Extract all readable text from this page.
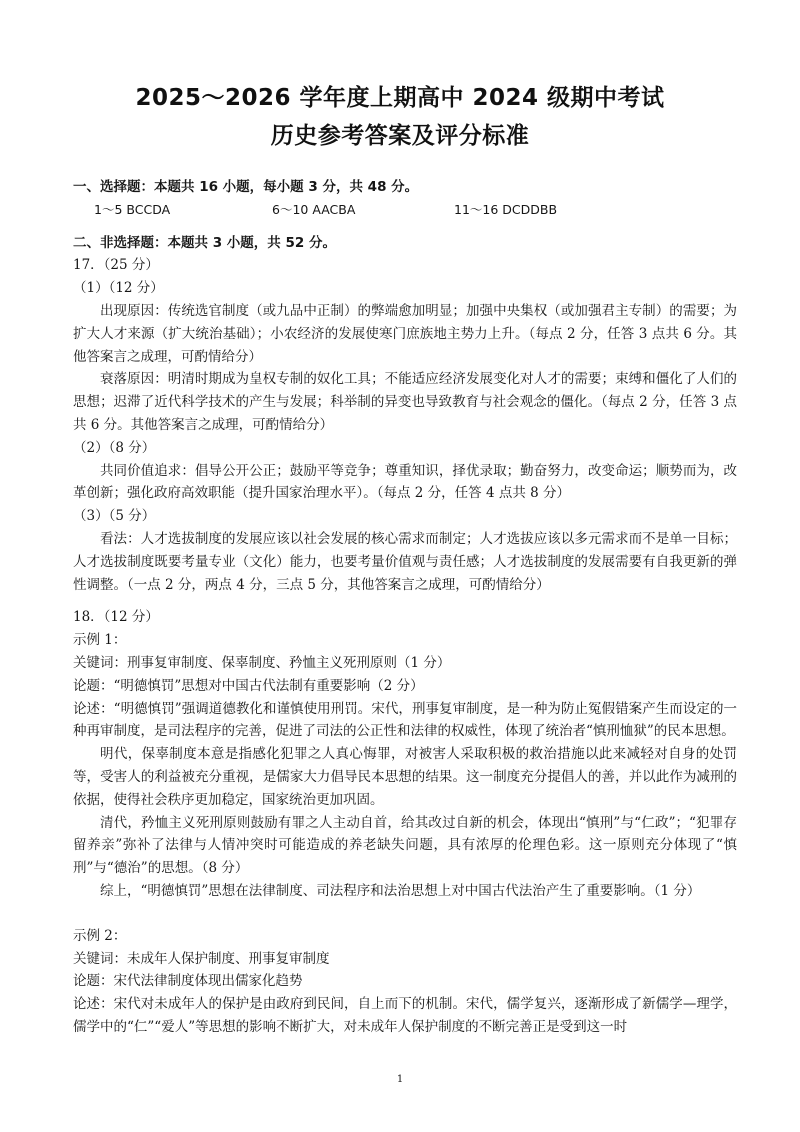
2025～2026 学年度上期高中 2024 级期中考试
历史参考答案及评分标准

一、选择题：本题共 16 小题，每小题 3 分，共 48 分。

1～5 BCCDA	6～10 AACBA	11～16 DCDDBB

二、非选择题：本题共 3 小题，共 52 分。

17．（25 分）

（1）（12 分）

出现原因：传统选官制度（或九品中正制）的弊端愈加明显；加强中央集权（或加强君主专制）的需要；为扩大人才来源（扩大统治基础）；小农经济的发展使寒门庶族地主势力上升。（每点 2 分，任答 3 点共 6 分。其他答案言之成理，可酌情给分）

衰落原因：明清时期成为皇权专制的奴化工具；不能适应经济发展变化对人才的需要；束缚和僵化了人们的思想；迟滞了近代科学技术的产生与发展；科举制的异变也导致教育与社会观念的僵化。（每点 2 分，任答 3 点共 6 分。其他答案言之成理，可酌情给分）

（2）（8 分）

共同价值追求：倡导公开公正；鼓励平等竞争；尊重知识，择优录取；勤奋努力，改变命运；顺势而为，改革创新；强化政府高效职能（提升国家治理水平）。（每点 2 分，任答 4 点共 8 分）

（3）（5 分）

看法：人才选拔制度的发展应该以社会发展的核心需求而制定；人才选拔应该以多元需求而不是单一目标；人才选拔制度既要考量专业（文化）能力，也要考量价值观与责任感；人才选拔制度的发展需要有自我更新的弹性调整。（一点 2 分，两点 4 分，三点 5 分，其他答案言之成理，可酌情给分）

18．（12 分）

示例 1：

关键词：刑事复审制度、保辜制度、矜恤主义死刑原则（1 分）

论题：“明德慎罚”思想对中国古代法制有重要影响（2 分）

论述：“明德慎罚”强调道德教化和谨慎使用刑罚。宋代，刑事复审制度，是一种为防止冤假错案产生而设定的一种再审制度，是司法程序的完善，促进了司法的公正性和法律的权威性，体现了统治者“慎刑恤狱”的民本思想。

明代，保辜制度本意是指感化犯罪之人真心悔罪，对被害人采取积极的救治措施以此来减轻对自身的处罚等，受害人的利益被充分重视，是儒家大力倡导民本思想的结果。这一制度充分提倡人的善，并以此作为减刑的依据，使得社会秩序更加稳定，国家统治更加巩固。

清代，矜恤主义死刑原则鼓励有罪之人主动自首，给其改过自新的机会，体现出“慎刑”与“仁政”；“犯罪存留养亲”弥补了法律与人情冲突时可能造成的养老缺失问题，具有浓厚的伦理色彩。这一原则充分体现了“慎刑”与“德治”的思想。（8 分）

综上，“明德慎罚”思想在法律制度、司法程序和法治思想上对中国古代法治产生了重要影响。（1 分）

示例 2：

关键词：未成年人保护制度、刑事复审制度

论题：宋代法律制度体现出儒家化趋势

论述：宋代对未成年人的保护是由政府到民间，自上而下的机制。宋代，儒学复兴，逐渐形成了新儒学—理学，儒学中的“仁”“爱人”等思想的影响不断扩大，对未成年人保护制度的不断完善正是受到这一时

1
